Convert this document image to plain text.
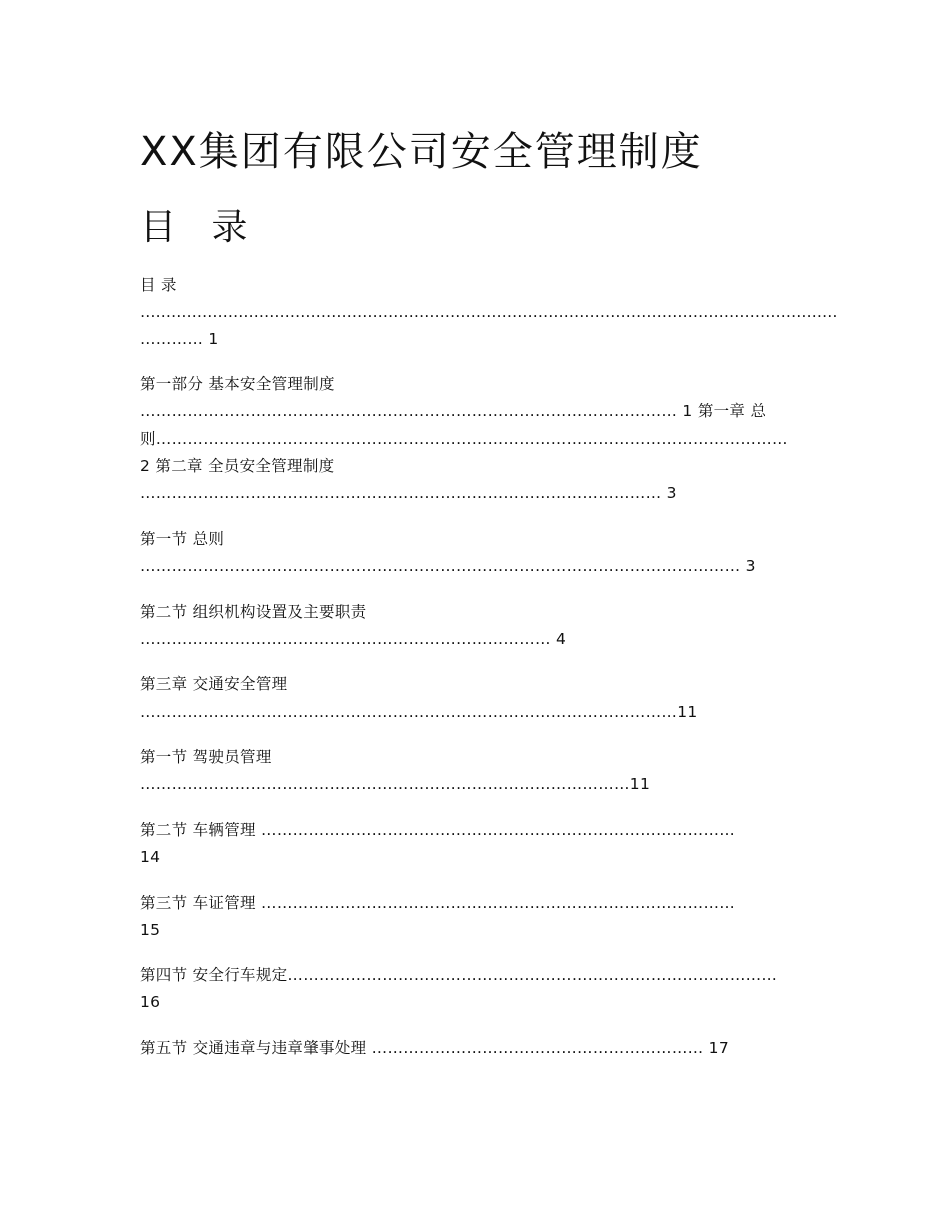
XX集团有限公司安全管理制度
目 录
目 录
………………………………………………………………………………………………………………………
………… 1
第一部分 基本安全管理制度
………………………………………………………………………………………… 1 第一章 总
则…………………………………………………………………………………………………………
2 第二章 全员安全管理制度
……………………………………………………………………………………… 3
第一节 总则
…………………………………………………………………………………………………… 3
第二节 组织机构设置及主要职责
…………………………………………………………………… 4
第三章 交通安全管理
…………………………………………………………………………………………11
第一节 驾驶员管理
…………………………………………………………………………………11
第二节 车辆管理 ………………………………………………………………………………
14
第三节 车证管理 ………………………………………………………………………………
15
第四节 安全行车规定…………………………………………………………………………………
16
第五节 交通违章与违章肇事处理 ……………………………………………………… 17
